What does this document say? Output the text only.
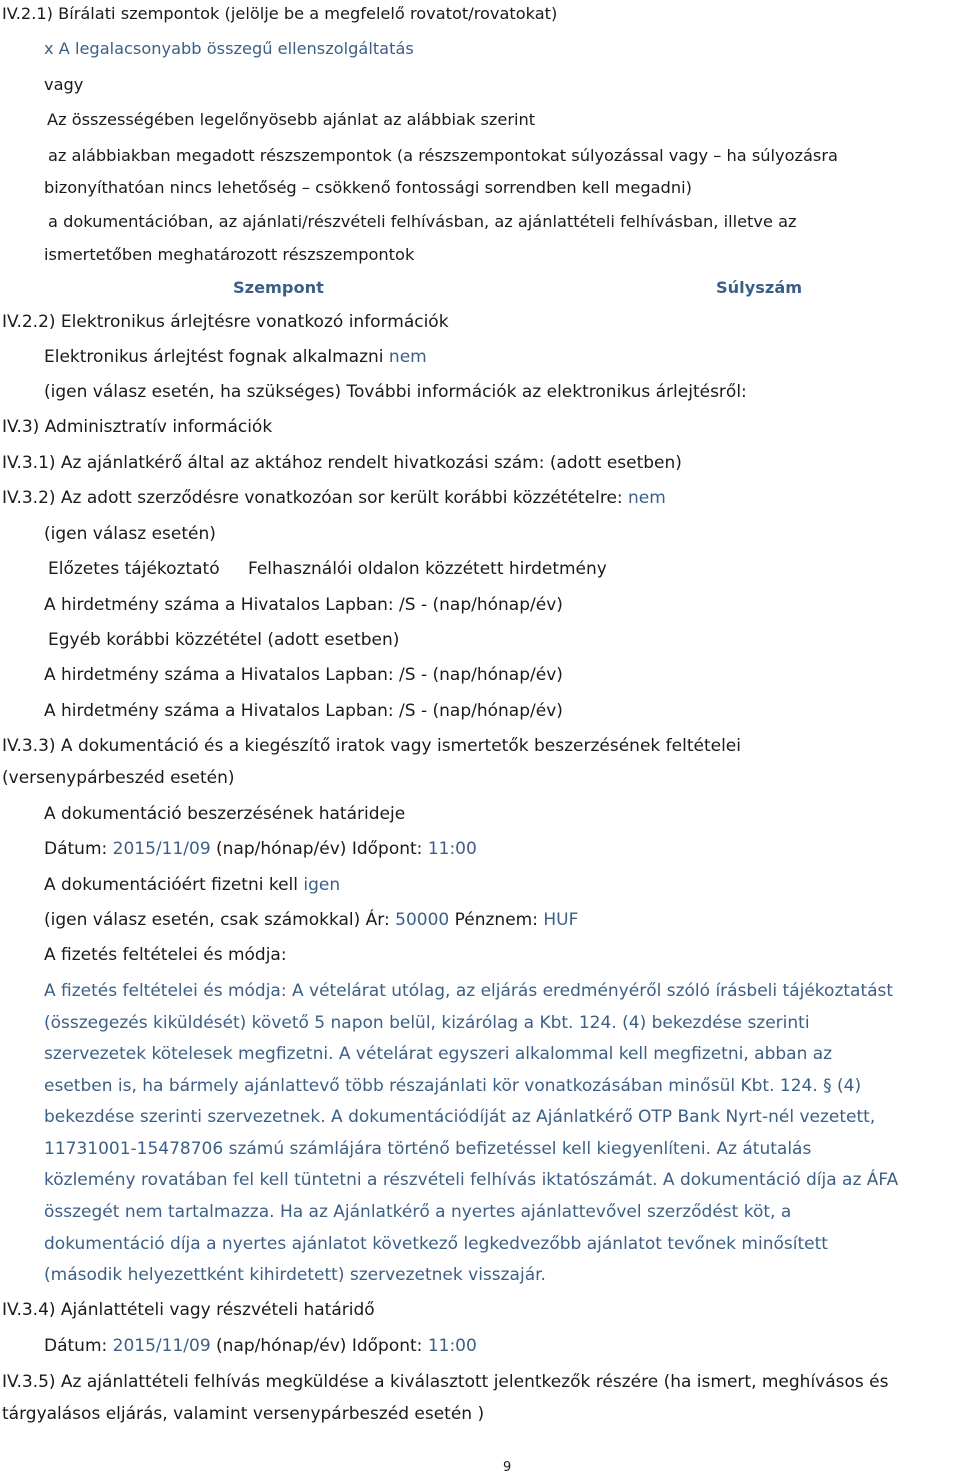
IV.2.1) Bírálati szempontok (jelölje be a megfelelő rovatot/rovatokat)
x A legalacsonyabb összegű ellenszolgáltatás
vagy
Az összességében legelőnyösebb ajánlat az alábbiak szerint
az alábbiakban megadott részszempontok (a részszempontokat súlyozással vagy – ha súlyozásra
bizonyíthatóan nincs lehetőség – csökkenő fontossági sorrendben kell megadni)
a dokumentációban, az ajánlati/részvételi felhívásban, az ajánlattételi felhívásban, illetve az
ismertetőben meghatározott részszempontok
Szempont	Súlyszám
IV.2.2) Elektronikus árlejtésre vonatkozó információk
Elektronikus árlejtést fognak alkalmazni nem
(igen válasz esetén, ha szükséges) További információk az elektronikus árlejtésről:
IV.3) Adminisztratív információk
IV.3.1) Az ajánlatkérő által az aktához rendelt hivatkozási szám: (adott esetben)
IV.3.2) Az adott szerződésre vonatkozóan sor került korábbi közzétételre: nem
(igen válasz esetén)
Előzetes tájékoztató Felhasználói oldalon közzétett hirdetmény
A hirdetmény száma a Hivatalos Lapban: /S - (nap/hónap/év)
Egyéb korábbi közzététel (adott esetben)
A hirdetmény száma a Hivatalos Lapban: /S - (nap/hónap/év)
A hirdetmény száma a Hivatalos Lapban: /S - (nap/hónap/év)
IV.3.3) A dokumentáció és a kiegészítő iratok vagy ismertetők beszerzésének feltételei
(versenypárbeszéd esetén)
A dokumentáció beszerzésének határideje
Dátum: 2015/11/09 (nap/hónap/év) Időpont: 11:00
A dokumentációért fizetni kell igen
(igen válasz esetén, csak számokkal) Ár: 50000 Pénznem: HUF
A fizetés feltételei és módja:
A fizetés feltételei és módja: A vételárat utólag, az eljárás eredményéről szóló írásbeli tájékoztatást
(összegezés kiküldését) követő 5 napon belül, kizárólag a Kbt. 124. (4) bekezdése szerinti
szervezetek kötelesek megfizetni. A vételárat egyszeri alkalommal kell megfizetni, abban az
esetben is, ha bármely ajánlattevő több részajánlati kör vonatkozásában minősül Kbt. 124. § (4)
bekezdése szerinti szervezetnek. A dokumentációdíját az Ajánlatkérő OTP Bank Nyrt-nél vezetett,
11731001-15478706 számú számlájára történő befizetéssel kell kiegyenlíteni. Az átutalás
közlemény rovatában fel kell tüntetni a részvételi felhívás iktatószámát. A dokumentáció díja az ÁFA
összegét nem tartalmazza. Ha az Ajánlatkérő a nyertes ajánlattevővel szerződést köt, a
dokumentáció díja a nyertes ajánlatot következő legkedvezőbb ajánlatot tevőnek minősített
(második helyezettként kihirdetett) szervezetnek visszajár.
IV.3.4) Ajánlattételi vagy részvételi határidő
Dátum: 2015/11/09 (nap/hónap/év) Időpont: 11:00
IV.3.5) Az ajánlattételi felhívás megküldése a kiválasztott jelentkezők részére (ha ismert, meghívásos és
tárgyalásos eljárás, valamint versenypárbeszéd esetén )
9
